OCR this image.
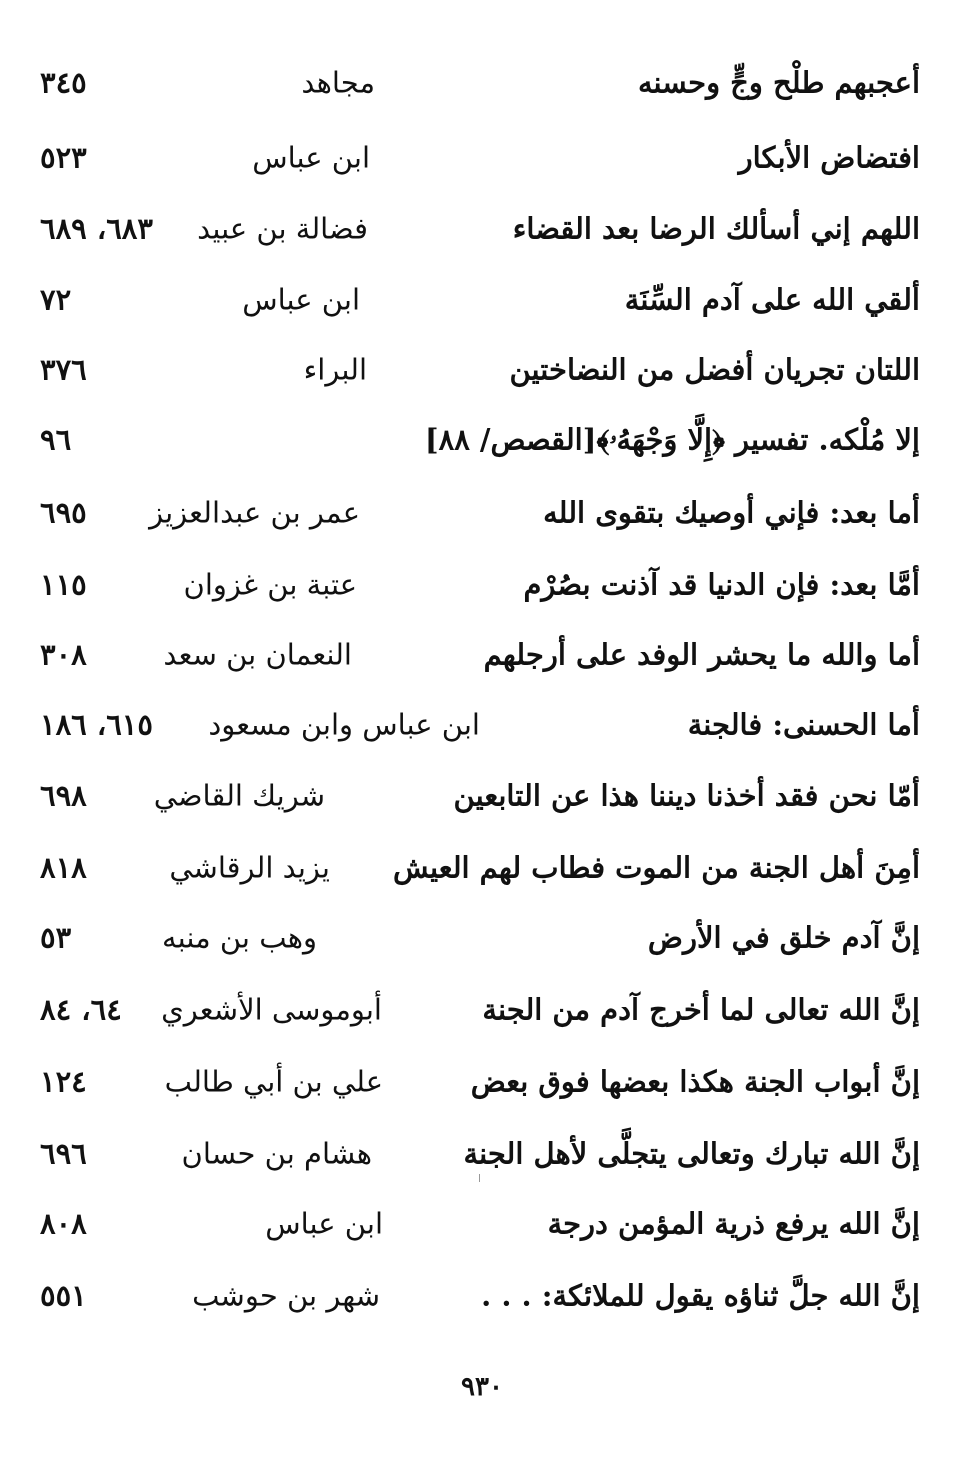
أعجبهم طلْح وجٍّ وحسنه
مجاهد
٣٤٥
افتضاض الأبكار
ابن عباس
٥٢٣
اللهم إني أسألك الرضا بعد القضاء
فضالة بن عبيد
٦٨٣، ٦٨٩
ألقي الله على آدم السِّنَة
ابن عباس
٧٢
اللتان تجريان أفضل من النضاختين
البراء
٣٧٦
إلا مُلْكه. تفسير ﴿إِلَّا وَجْهَهُۥ﴾[القصص/ ٨٨]
٩٦
أما بعد: فإني أوصيك بتقوى الله
عمر بن عبدالعزيز
٦٩٥
أمَّا بعد: فإن الدنيا قد آذنت بصُرْم
عتبة بن غزوان
١١٥
أما والله ما يحشر الوفد على أرجلهم
النعمان بن سعد
٣٠٨
أما الحسنى: فالجنة
ابن عباس وابن مسعود
٦١٥، ١٨٦
أمّا نحن فقد أخذنا ديننا هذا عن التابعين
شريك القاضي
٦٩٨
أمِنَ أهل الجنة من الموت فطاب لهم العيش
يزيد الرقاشي
٨١٨
إنَّ آدم خلق في الأرض
وهب بن منبه
٥٣
إنَّ الله تعالى لما أخرج آدم من الجنة
أبوموسى الأشعري
٦٤، ٨٤
إنَّ أبواب الجنة هكذا بعضها فوق بعض
علي بن أبي طالب
١٢٤
إنَّ الله تبارك وتعالى يتجلَّى لأهل الجنة
هشام بن حسان
٦٩٦
إنَّ الله يرفع ذرية المؤمن درجة
ابن عباس
٨٠٨
إنَّ الله جلَّ ثناؤه يقول للملائكة: . . .
شهر بن حوشب
٥٥١
٩٣٠
